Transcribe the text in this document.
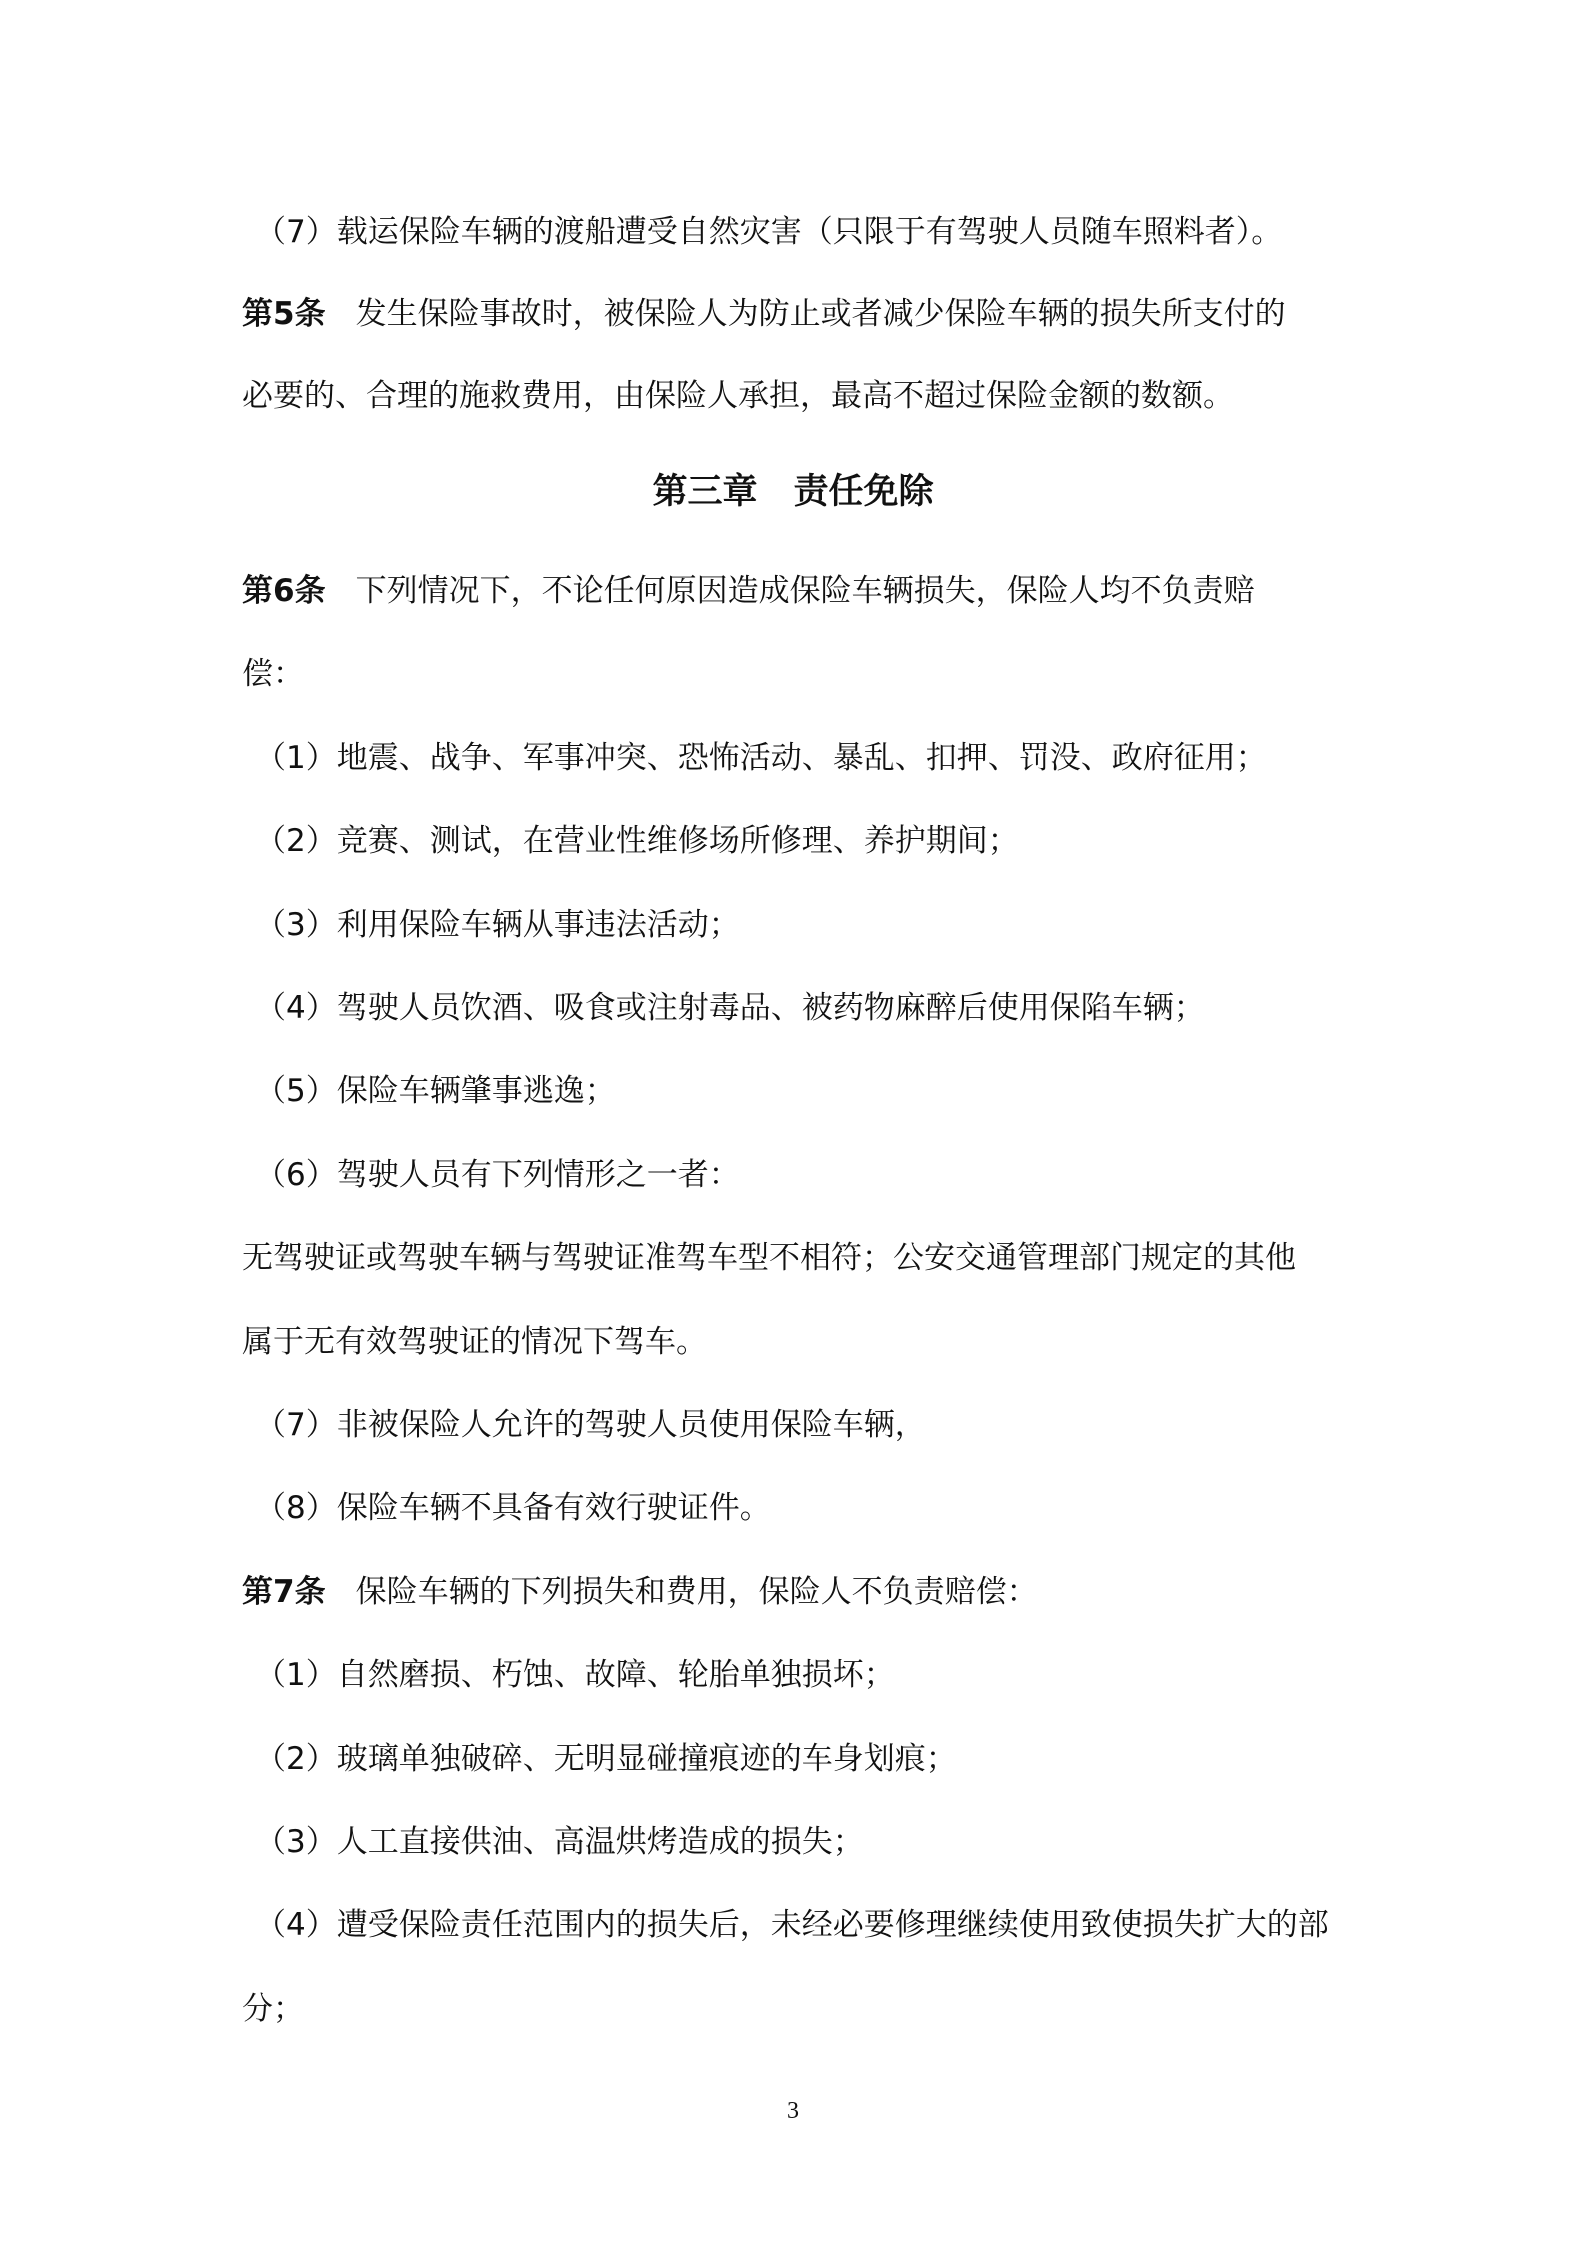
（7）载运保险车辆的渡船遭受自然灾害（只限于有驾驶人员随车照料者）。
第5条 发生保险事故时，被保险人为防止或者减少保险车辆的损失所支付的
必要的、合理的施救费用，由保险人承担，最高不超过保险金额的数额。
第三章 责任免除
第6条 下列情况下，不论任何原因造成保险车辆损失，保险人均不负责赔
偿：
（1）地震、战争、军事冲突、恐怖活动、暴乱、扣押、罚没、政府征用；
（2）竞赛、测试，在营业性维修场所修理、养护期间；
（3）利用保险车辆从事违法活动；
（4）驾驶人员饮酒、吸食或注射毒品、被药物麻醉后使用保陷车辆；
（5）保险车辆肇事逃逸；
（6）驾驶人员有下列情形之一者：
无驾驶证或驾驶车辆与驾驶证准驾车型不相符；公安交通管理部门规定的其他
属于无有效驾驶证的情况下驾车。
（7）非被保险人允许的驾驶人员使用保险车辆，
（8）保险车辆不具备有效行驶证件。
第7条 保险车辆的下列损失和费用，保险人不负责赔偿：
（1）自然磨损、朽蚀、故障、轮胎单独损坏；
（2）玻璃单独破碎、无明显碰撞痕迹的车身划痕；
（3）人工直接供油、高温烘烤造成的损失；
（4）遭受保险责任范围内的损失后，未经必要修理继续使用致使损失扩大的部
分；
3
